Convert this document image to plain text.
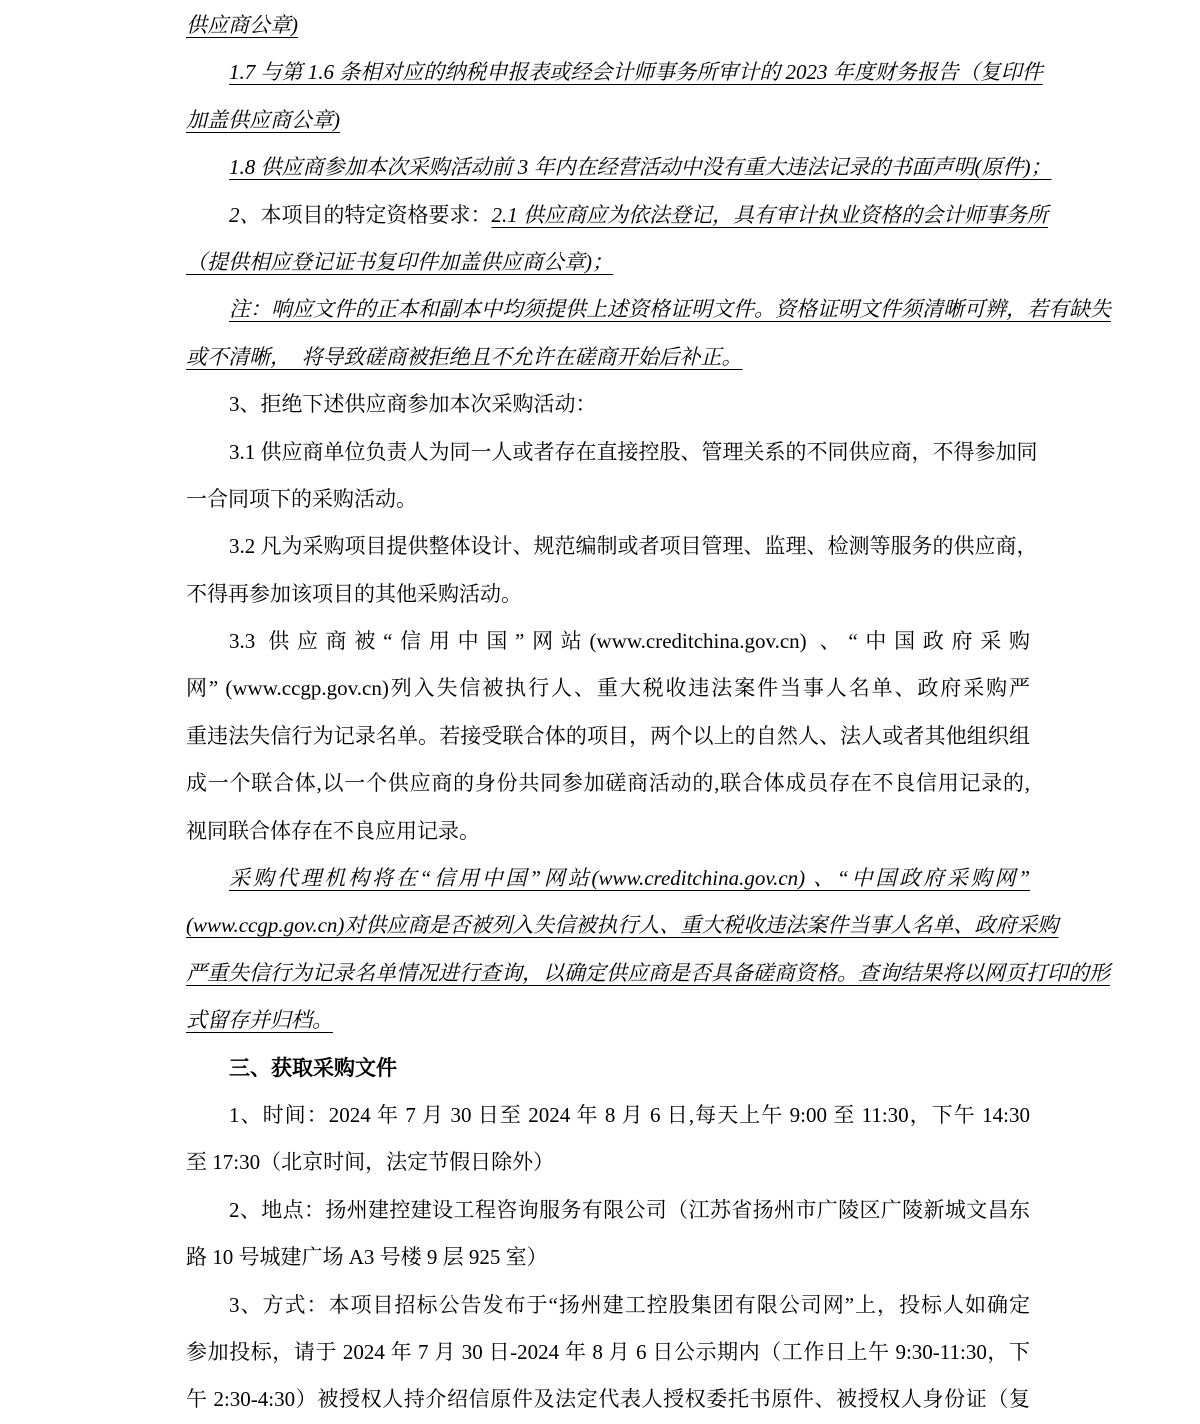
供应商公章)
1.7 与第 1.6 条相对应的纳税申报表或经会计师事务所审计的 2023 年度财务报告（复印件
加盖供应商公章)
1.8 供应商参加本次采购活动前 3 年内在经营活动中没有重大违法记录的书面声明(原件)；
2、本项目的特定资格要求：2.1 供应商应为依法登记，具有审计执业资格的会计师事务所
（提供相应登记证书复印件加盖供应商公章)；
注：响应文件的正本和副本中均须提供上述资格证明文件。资格证明文件须清晰可辨，若有缺失
或不清晰，  将导致磋商被拒绝且不允许在磋商开始后补正。
3、拒绝下述供应商参加本次采购活动：
3.1 供应商单位负责人为同一人或者存在直接控股、管理关系的不同供应商，不得参加同
一合同项下的采购活动。
3.2 凡为采购项目提供整体设计、规范编制或者项目管理、监理、检测等服务的供应商，
不得再参加该项目的其他采购活动。
3.3 供应商被“信用中国”网站(www.creditchina.gov.cn) 、“中国政府采购
网” (www.ccgp.gov.cn)列入失信被执行人、重大税收违法案件当事人名单、政府采购严
重违法失信行为记录名单。若接受联合体的项目，两个以上的自然人、法人或者其他组织组
成一个联合体,以一个供应商的身份共同参加磋商活动的,联合体成员存在不良信用记录的,
视同联合体存在不良应用记录。
采购代理机构将在“信用中国”网站(www.creditchina.gov.cn) 、“中国政府采购网”
(www.ccgp.gov.cn)对供应商是否被列入失信被执行人、重大税收违法案件当事人名单、政府采购
严重失信行为记录名单情况进行查询，以确定供应商是否具备磋商资格。查询结果将以网页打印的形
式留存并归档。
三、获取采购文件
1、时间：2024 年 7 月 30 日至 2024 年 8 月 6 日,每天上午 9:00 至 11:30，下午 14:30
至 17:30（北京时间，法定节假日除外）
2、地点：扬州建控建设工程咨询服务有限公司（江苏省扬州市广陵区广陵新城文昌东
路 10 号城建广场 A3 号楼 9 层 925 室）
3、方式：本项目招标公告发布于“扬州建工控股集团有限公司网”上，投标人如确定
参加投标，请于 2024 年 7 月 30 日-2024 年 8 月 6 日公示期内（工作日上午 9:30-11:30，下
午 2:30-4:30）被授权人持介绍信原件及法定代表人授权委托书原件、被授权人身份证（复
